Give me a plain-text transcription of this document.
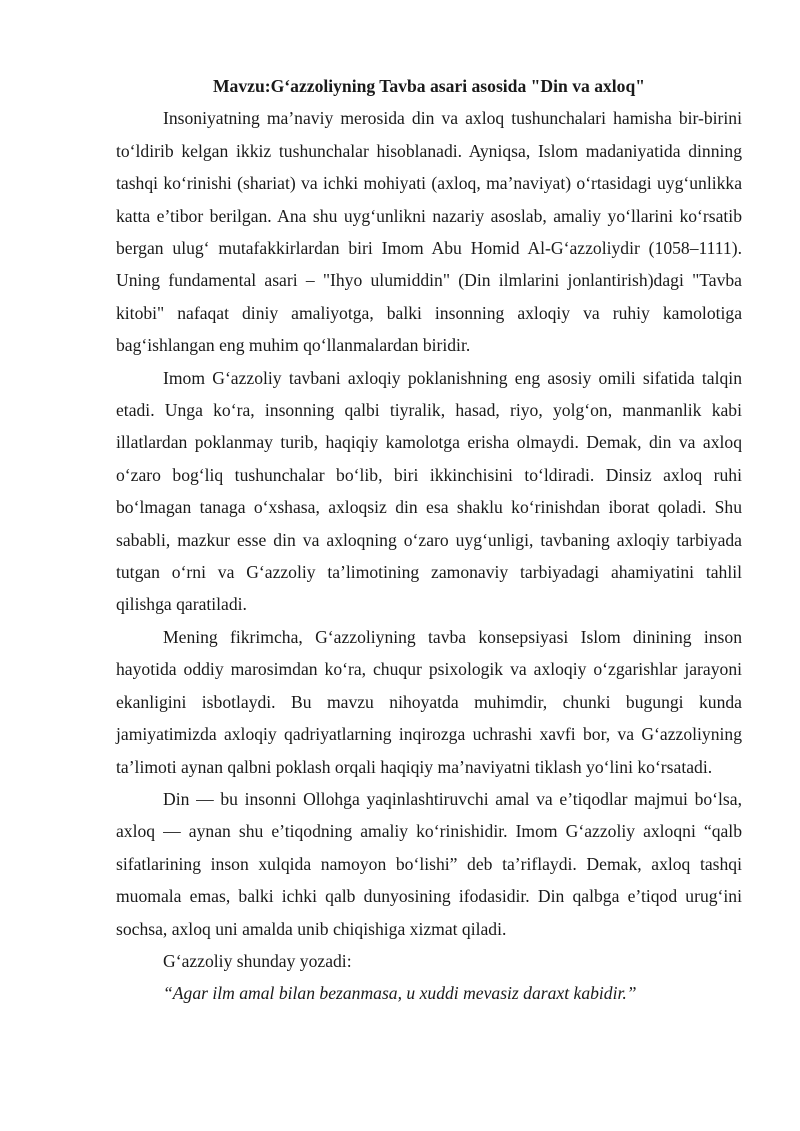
Mavzu:G‘azzoliyning Tavba asari asosida "Din va axloq"

Insoniyatning ma’naviy merosida din va axloq tushunchalari hamisha bir-birini to‘ldirib kelgan ikkiz tushunchalar hisoblanadi. Ayniqsa, Islom madaniyatida dinning tashqi ko‘rinishi (shariat) va ichki mohiyati (axloq, ma’naviyat) o‘rtasidagi uyg‘unlikka katta e’tibor berilgan. Ana shu uyg‘unlikni nazariy asoslab, amaliy yo‘llarini ko‘rsatib bergan ulug‘ mutafakkirlardan biri Imom Abu Homid Al-G‘azzoliydir (1058–1111). Uning fundamental asari – "Ihyo ulumiddin" (Din ilmlarini jonlantirish)dagi "Tavba kitobi" nafaqat diniy amaliyotga, balki insonning axloqiy va ruhiy kamolotiga bag‘ishlangan eng muhim qo‘llanmalardan biridir.

Imom G‘azzoliy tavbani axloqiy poklanishning eng asosiy omili sifatida talqin etadi. Unga ko‘ra, insonning qalbi tiyralik, hasad, riyo, yolg‘on, manmanlik kabi illatlardan poklanmay turib, haqiqiy kamolotga erisha olmaydi. Demak, din va axloq o‘zaro bog‘liq tushunchalar bo‘lib, biri ikkinchisini to‘ldiradi. Dinsiz axloq ruhi bo‘lmagan tanaga o‘xshasa, axloqsiz din esa shaklu ko‘rinishdan iborat qoladi. Shu sababli, mazkur esse din va axloqning o‘zaro uyg‘unligi, tavbaning axloqiy tarbiyada tutgan o‘rni va G‘azzoliy ta’limotining zamonaviy tarbiyadagi ahamiyatini tahlil qilishga qaratiladi.

Mening fikrimcha, G‘azzoliyning tavba konsepsiyasi Islom dinining inson hayotida oddiy marosimdan ko‘ra, chuqur psixologik va axloqiy o‘zgarishlar jarayoni ekanligini isbotlaydi. Bu mavzu nihoyatda muhimdir, chunki bugungi kunda jamiyatimizda axloqiy qadriyatlarning inqirozga uchrashi xavfi bor, va G‘azzoliyning ta’limoti aynan qalbni poklash orqali haqiqiy ma’naviyatni tiklash yo‘lini ko‘rsatadi.

Din — bu insonni Ollohga yaqinlashtiruvchi amal va e’tiqodlar majmui bo‘lsa, axloq — aynan shu e’tiqodning amaliy ko‘rinishidir. Imom G‘azzoliy axloqni “qalb sifatlarining inson xulqida namoyon bo‘lishi” deb ta’riflaydi. Demak, axloq tashqi muomala emas, balki ichki qalb dunyosining ifodasidir. Din qalbga e’tiqod urug‘ini sochsa, axloq uni amalda unib chiqishiga xizmat qiladi.

G‘azzoliy shunday yozadi:

“Agar ilm amal bilan bezanmasa, u xuddi mevasiz daraxt kabidir.”
